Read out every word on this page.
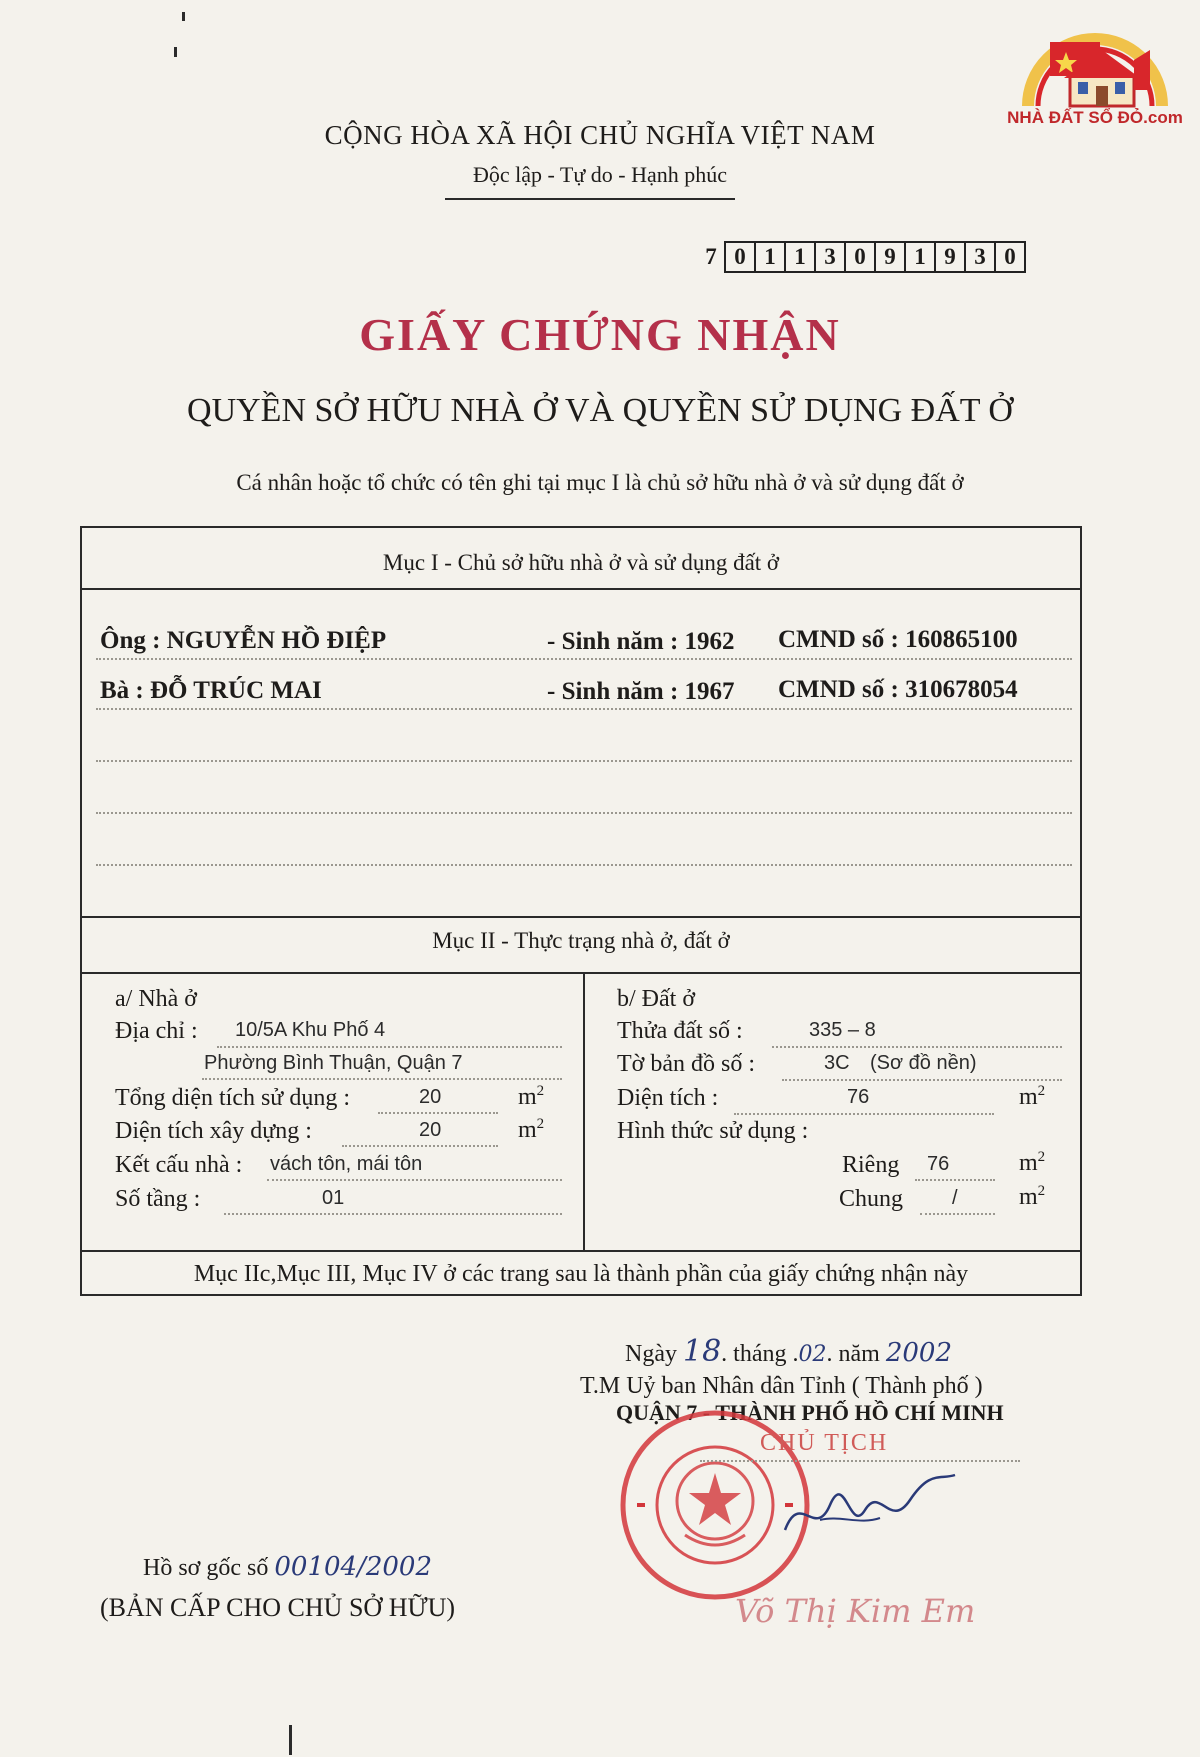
NHÀ ĐẤT SỔ ĐỎ.com
CỘNG HÒA XÃ HỘI CHỦ NGHĨA VIỆT NAM
Độc lập - Tự do - Hạnh phúc
7 0 1 1 3 0 9 1 9 3 0
GIẤY CHỨNG NHẬN
QUYỀN SỞ HỮU NHÀ Ở VÀ QUYỀN SỬ DỤNG ĐẤT Ở
Cá nhân hoặc tổ chức có tên ghi tại mục I là chủ sở hữu nhà ở và sử dụng đất ở
Mục I - Chủ sở hữu nhà ở và sử dụng đất ở
Ông : NGUYỄN HỒ ĐIỆP	- Sinh năm : 1962 CMND số : 160865100
Bà : ĐỖ TRÚC MAI	- Sinh năm : 1967 CMND số : 310678054
Mục II - Thực trạng nhà ở, đất ở
a/ Nhà ở
Địa chỉ : 10/5A Khu Phố 4
Phường Bình Thuận, Quận 7
Tổng diện tích sử dụng :	20	$m^2$
Diện tích xây dựng :	20	$m^2$
Kết cấu nhà : vách tôn, mái tôn
Số tầng :	01
b/ Đất ở
Thửa đất số :	335 – 8
Tờ bản đồ số :	3C (Sơ đồ nền)
Diện tích :	76	$m^2$
Hình thức sử dụng :
Riêng 76	$m^2$
Chung /	$m^2$
Mục IIc,Mục III, Mục IV ở các trang sau là thành phần của giấy chứng nhận này
Ngày 18. tháng .02. năm 2002
T.M Uỷ ban Nhân dân Tỉnh ( Thành phố )
QUẬN 7 - THÀNH PHỐ HỒ CHÍ MINH
CHỦ TỊCH
Võ Thị Kim Em
Hồ sơ gốc số 00104/2002
(BẢN CẤP CHO CHỦ SỞ HỮU)
